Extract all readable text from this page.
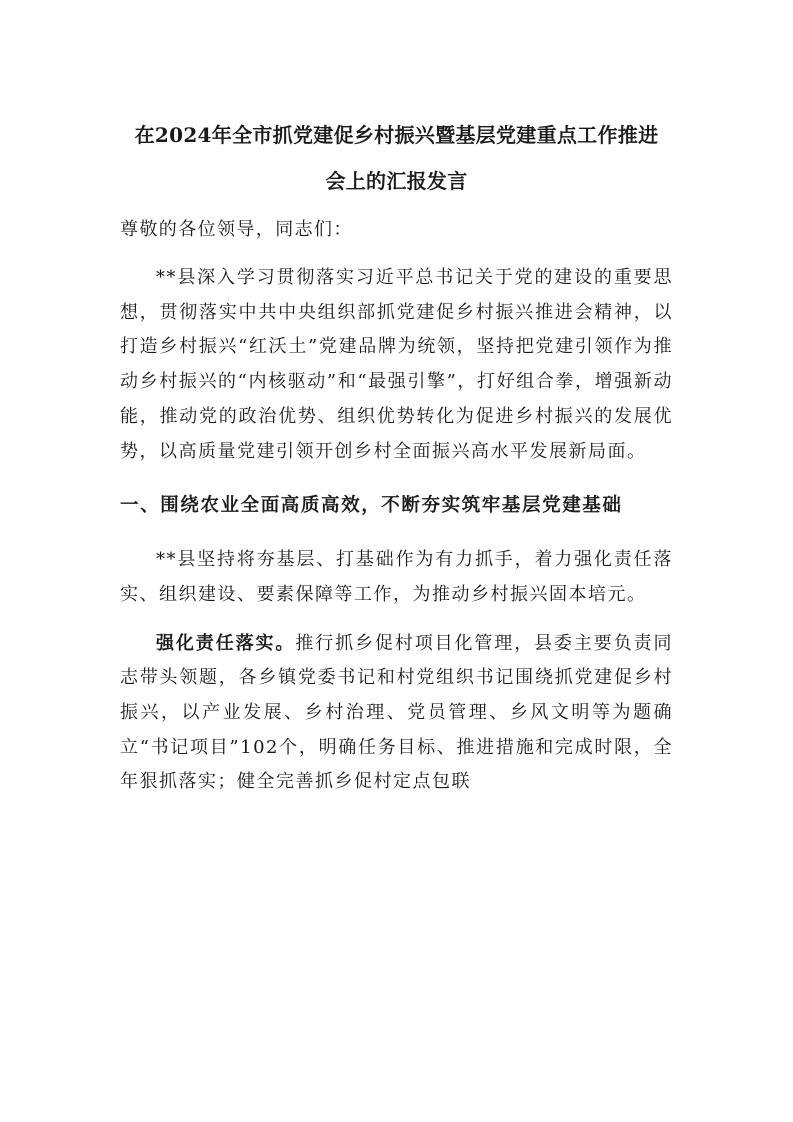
在2024年全市抓党建促乡村振兴暨基层党建重点工作推进
会上的汇报发言

尊敬的各位领导，同志们：

**县深入学习贯彻落实习近平总书记关于党的建设的重要思想，贯彻落实中共中央组织部抓党建促乡村振兴推进会精神，以打造乡村振兴“红沃土”党建品牌为统领，坚持把党建引领作为推动乡村振兴的“内核驱动”和“最强引擎”，打好组合拳，增强新动能，推动党的政治优势、组织优势转化为促进乡村振兴的发展优势，以高质量党建引领开创乡村全面振兴高水平发展新局面。

一、围绕农业全面高质高效，不断夯实筑牢基层党建基础

**县坚持将夯基层、打基础作为有力抓手，着力强化责任落实、组织建设、要素保障等工作，为推动乡村振兴固本培元。

强化责任落实。推行抓乡促村项目化管理，县委主要负责同志带头领题，各乡镇党委书记和村党组织书记围绕抓党建促乡村振兴，以产业发展、乡村治理、党员管理、乡风文明等为题确立“书记项目”102个，明确任务目标、推进措施和完成时限，全年狠抓落实；健全完善抓乡促村定点包联
